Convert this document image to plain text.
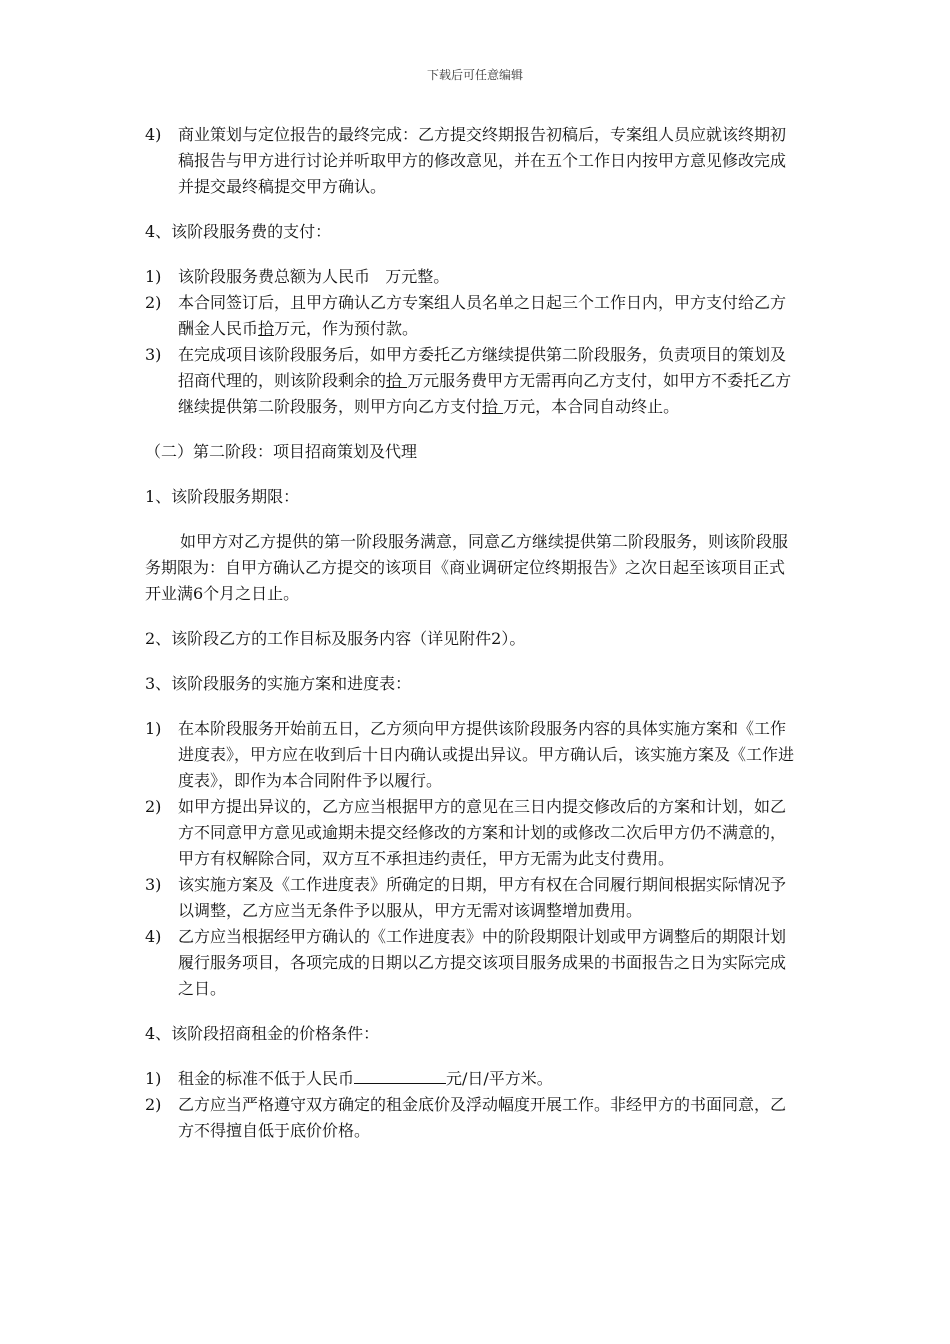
下载后可任意编辑
4)	商业策划与定位报告的最终完成：乙方提交终期报告初稿后，专案组人员应就该终期初稿报告与甲方进行讨论并听取甲方的修改意见，并在五个工作日内按甲方意见修改完成并提交最终稿提交甲方确认。

4、该阶段服务费的支付：

1)	该阶段服务费总额为人民币 万元整。
2)	本合同签订后，且甲方确认乙方专案组人员名单之日起三个工作日内，甲方支付给乙方酬金人民币拾万元，作为预付款。
3)	在完成项目该阶段服务后，如甲方委托乙方继续提供第二阶段服务，负责项目的策划及招商代理的，则该阶段剩余的拾 万元服务费甲方无需再向乙方支付，如甲方不委托乙方继续提供第二阶段服务，则甲方向乙方支付拾 万元，本合同自动终止。

（二）第二阶段：项目招商策划及代理

1、该阶段服务期限：

如甲方对乙方提供的第一阶段服务满意，同意乙方继续提供第二阶段服务，则该阶段服务期限为：自甲方确认乙方提交的该项目《商业调研定位终期报告》之次日起至该项目正式开业满6个月之日止。

2、该阶段乙方的工作目标及服务内容（详见附件2）。

3、该阶段服务的实施方案和进度表：

1)	在本阶段服务开始前五日，乙方须向甲方提供该阶段服务内容的具体实施方案和《工作进度表》，甲方应在收到后十日内确认或提出异议。甲方确认后，该实施方案及《工作进度表》，即作为本合同附件予以履行。
2)	如甲方提出异议的，乙方应当根据甲方的意见在三日内提交修改后的方案和计划，如乙方不同意甲方意见或逾期未提交经修改的方案和计划的或修改二次后甲方仍不满意的，甲方有权解除合同，双方互不承担违约责任，甲方无需为此支付费用。
3)	该实施方案及《工作进度表》所确定的日期，甲方有权在合同履行期间根据实际情况予以调整，乙方应当无条件予以服从，甲方无需对该调整增加费用。
4)	乙方应当根据经甲方确认的《工作进度表》中的阶段期限计划或甲方调整后的期限计划履行服务项目，各项完成的日期以乙方提交该项目服务成果的书面报告之日为实际完成之日。

4、该阶段招商租金的价格条件：

1)	租金的标准不低于人民币	元/日/平方米。
2)	乙方应当严格遵守双方确定的租金底价及浮动幅度开展工作。非经甲方的书面同意，乙方不得擅自低于底价价格。
